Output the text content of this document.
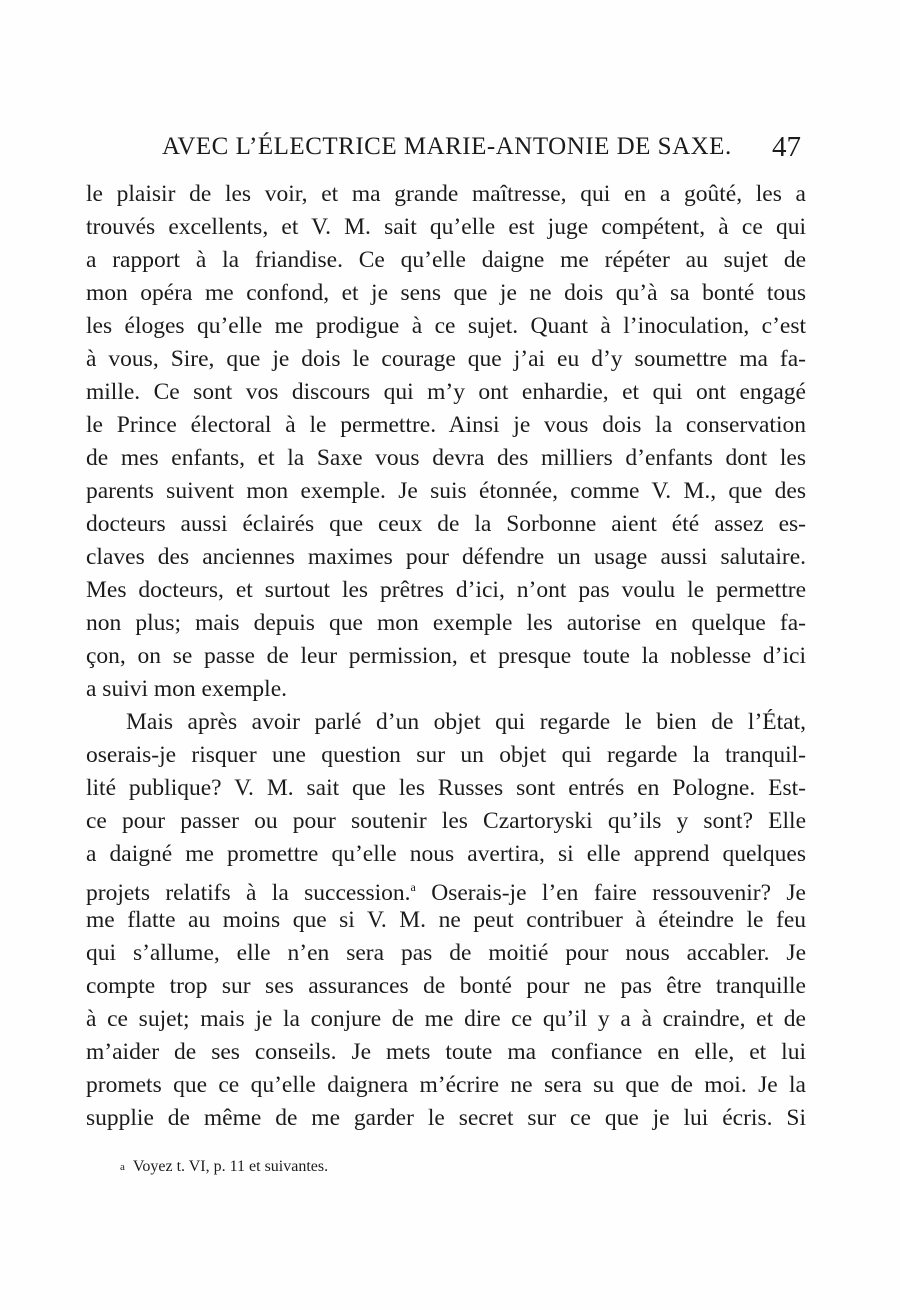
AVEC L’ÉLECTRICE MARIE-ANTONIE DE SAXE. 47
le plaisir de les voir, et ma grande maîtresse, qui en a goûté, les a
trouvés excellents, et V. M. sait qu’elle est juge compétent, à ce qui
a rapport à la friandise. Ce qu’elle daigne me répéter au sujet de
mon opéra me confond, et je sens que je ne dois qu’à sa bonté tous
les éloges qu’elle me prodigue à ce sujet. Quant à l’inoculation, c’est
à vous, Sire, que je dois le courage que j’ai eu d’y soumettre ma fa-
mille. Ce sont vos discours qui m’y ont enhardie, et qui ont engagé
le Prince électoral à le permettre. Ainsi je vous dois la conservation
de mes enfants, et la Saxe vous devra des milliers d’enfants dont les
parents suivent mon exemple. Je suis étonnée, comme V. M., que des
docteurs aussi éclairés que ceux de la Sorbonne aient été assez es-
claves des anciennes maximes pour défendre un usage aussi salutaire.
Mes docteurs, et surtout les prêtres d’ici, n’ont pas voulu le permettre
non plus; mais depuis que mon exemple les autorise en quelque fa-
çon, on se passe de leur permission, et presque toute la noblesse d’ici
a suivi mon exemple.
Mais après avoir parlé d’un objet qui regarde le bien de l’État,
oserais-je risquer une question sur un objet qui regarde la tranquil-
lité publique? V. M. sait que les Russes sont entrés en Pologne. Est-
ce pour passer ou pour soutenir les Czartoryski qu’ils y sont? Elle
a daigné me promettre qu’elle nous avertira, si elle apprend quelques
projets relatifs à la succession.$^a$ Oserais-je l’en faire ressouvenir? Je
me flatte au moins que si V. M. ne peut contribuer à éteindre le feu
qui s’allume, elle n’en sera pas de moitié pour nous accabler. Je
compte trop sur ses assurances de bonté pour ne pas être tranquille
à ce sujet; mais je la conjure de me dire ce qu’il y a à craindre, et de
m’aider de ses conseils. Je mets toute ma confiance en elle, et lui
promets que ce qu’elle daignera m’écrire ne sera su que de moi. Je la
supplie de même de me garder le secret sur ce que je lui écris. Si
a Voyez t. VI, p. 11 et suivantes.
